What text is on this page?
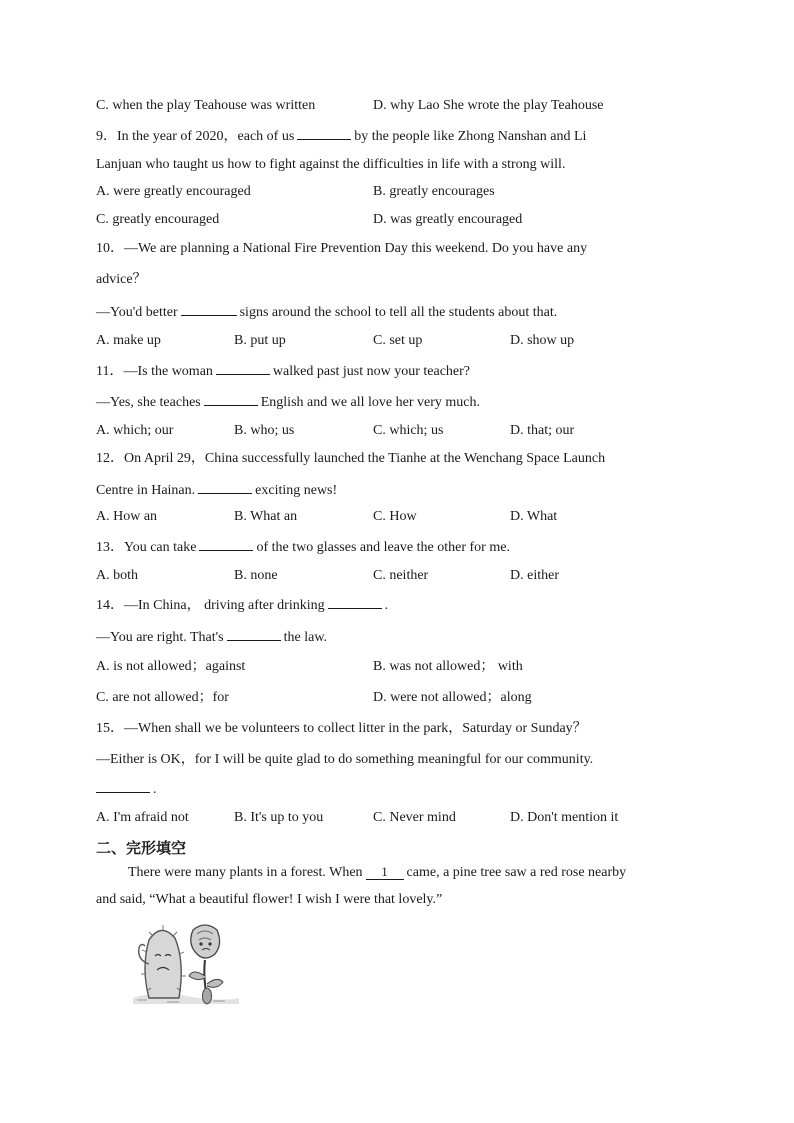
C. when the play Teahouse was written	D. why Lao She wrote the play Teahouse
9．In the year of 2020，each of us	by the people like Zhong Nanshan and Li
Lanjuan who taught us how to fight against the difficulties in life with a strong will.
A. were greatly encouraged	B. greatly encourages
C. greatly encouraged	D. was greatly encouraged
10．—We are planning a National Fire Prevention Day this weekend. Do you have any
advice？
—You'd better	signs around the school to tell all the students about that.
A. make up	B. put up	C. set up	D. show up
11．—Is the woman	walked past just now your teacher?
—Yes, she teaches	English and we all love her very much.
A. which; our	B. who; us	C. which; us	D. that; our
12．On April 29，China successfully launched the Tianhe at the Wenchang Space Launch
Centre in Hainan.	exciting news!
A. How an	B. What an	C. How	D. What
13．You can take	of the two glasses and leave the other for me.
A. both	B. none	C. neither	D. either
14．—In China， driving after drinking	.
—You are right. That's	the law.
A. is not allowed；against	B. was not allowed； with
C. are not allowed；for	D. were not allowed；along
15．—When shall we be volunteers to collect litter in the park，Saturday or Sunday？
—Either is OK，for I will be quite glad to do something meaningful for our community.
.
A. I'm afraid not	B. It's up to you	C. Never mind	D. Don't mention it
二、完形填空
There were many plants in a forest. When 1 came, a pine tree saw a red rose nearby
and said, “What a beautiful flower! I wish I were that lovely.”
